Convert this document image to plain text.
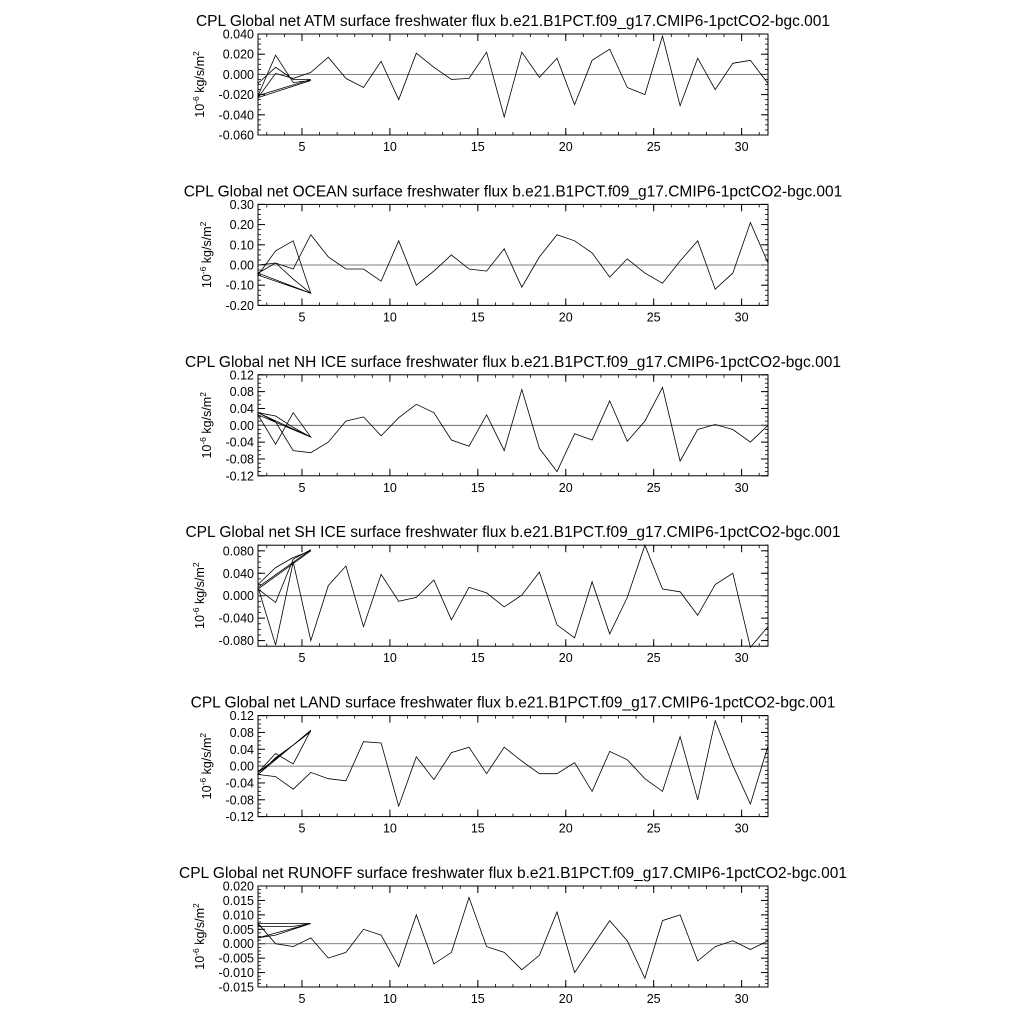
CPL Global net ATM surface freshwater flux b.e21.B1PCT.f09_g17.CMIP6-1pctCO2-bgc.001
5	10	15	20	25	30
-0.060
-0.040
-0.020
0.000
0.020
0.040
$10^{-6}$ $kg/s/m^2$
CPL Global net OCEAN surface freshwater flux b.e21.B1PCT.f09_g17.CMIP6-1pctCO2-bgc.001
5	10	15	20	25	30
-0.20
-0.10
0.00
0.10
0.20
0.30
$10^{-6}$ $kg/s/m^2$
CPL Global net NH ICE surface freshwater flux b.e21.B1PCT.f09_g17.CMIP6-1pctCO2-bgc.001
5	10	15	20	25	30
-0.12
-0.08
-0.04
0.00
0.04
0.08
0.12
$10^{-6}$ $kg/s/m^2$
CPL Global net SH ICE surface freshwater flux b.e21.B1PCT.f09_g17.CMIP6-1pctCO2-bgc.001
5	10	15	20	25	30
-0.080
-0.040
0.000
0.040
0.080
$10^{-6}$ $kg/s/m^2$
CPL Global net LAND surface freshwater flux b.e21.B1PCT.f09_g17.CMIP6-1pctCO2-bgc.001
5	10	15	20	25	30
-0.12
-0.08
-0.04
0.00
0.04
0.08
0.12
$10^{-6}$ $kg/s/m^2$
CPL Global net RUNOFF surface freshwater flux b.e21.B1PCT.f09_g17.CMIP6-1pctCO2-bgc.001
5	10	15	20	25	30
-0.015
-0.010
-0.005
0.000
0.005
0.010
0.015
0.020
$10^{-6}$ $kg/s/m^2$
